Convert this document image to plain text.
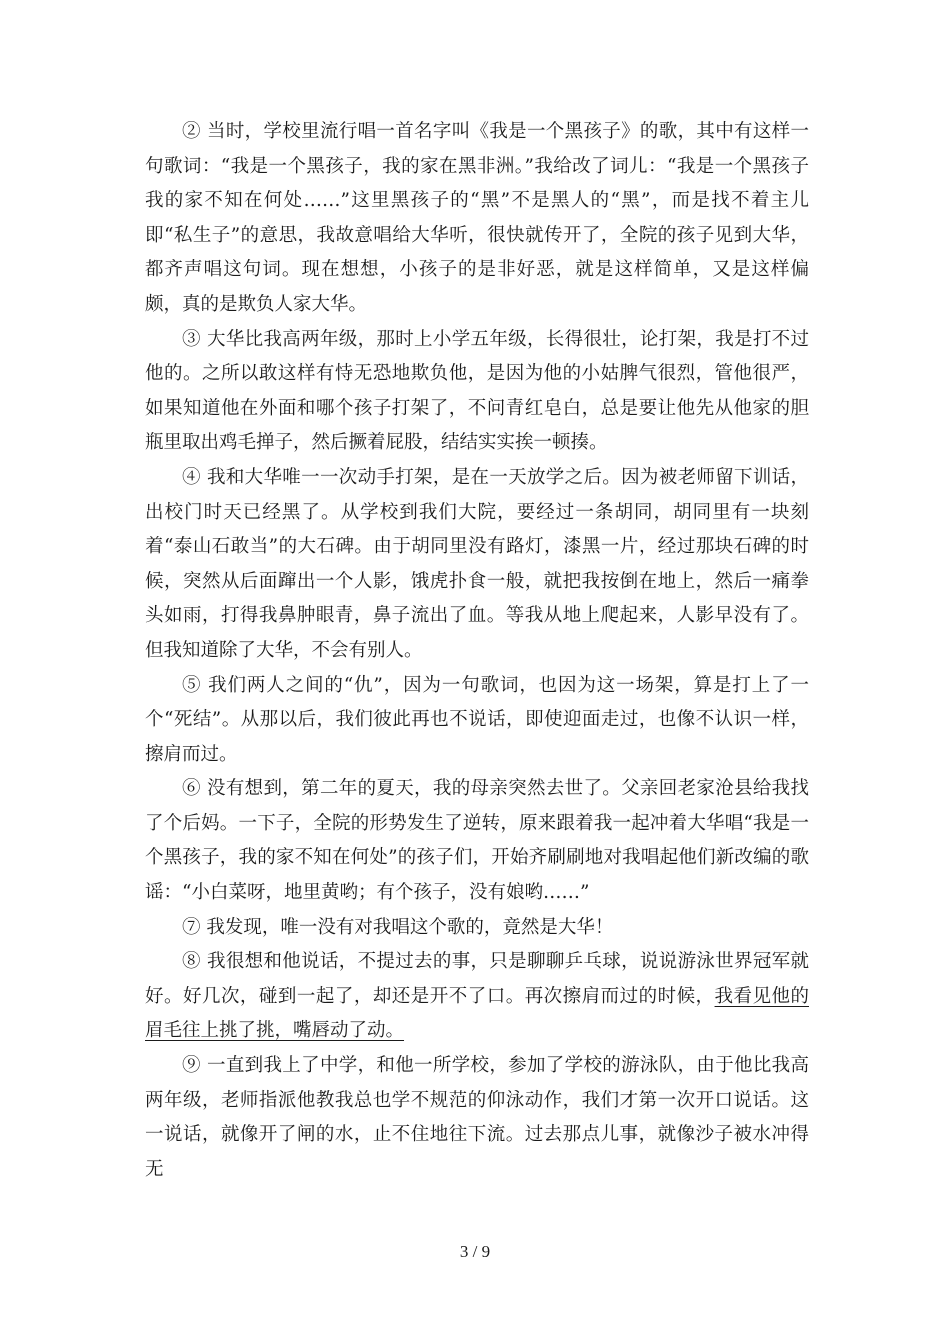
② 当时，学校里流行唱一首名字叫《我是一个黑孩子》的歌，其中有这样一句歌词：“我是一个黑孩子，我的家在黑非洲。”我给改了词儿：“我是一个黑孩子我的家不知在何处……”这里黑孩子的“黑”不是黑人的“黑”，而是找不着主儿即“私生子”的意思，我故意唱给大华听，很快就传开了，全院的孩子见到大华，都齐声唱这句词。现在想想，小孩子的是非好恶，就是这样简单，又是这样偏颇，真的是欺负人家大华。

③ 大华比我高两年级，那时上小学五年级，长得很壮，论打架，我是打不过他的。之所以敢这样有恃无恐地欺负他，是因为他的小姑脾气很烈，管他很严，如果知道他在外面和哪个孩子打架了，不问青红皂白，总是要让他先从他家的胆瓶里取出鸡毛掸子，然后撅着屁股，结结实实挨一顿揍。

④ 我和大华唯一一次动手打架，是在一天放学之后。因为被老师留下训话，出校门时天已经黑了。从学校到我们大院，要经过一条胡同，胡同里有一块刻着“泰山石敢当”的大石碑。由于胡同里没有路灯，漆黑一片，经过那块石碑的时候，突然从后面蹿出一个人影，饿虎扑食一般，就把我按倒在地上，然后一痛拳头如雨，打得我鼻肿眼青，鼻子流出了血。等我从地上爬起来，人影早没有了。但我知道除了大华，不会有别人。

⑤ 我们两人之间的“仇”，因为一句歌词，也因为这一场架，算是打上了一个“死结”。从那以后，我们彼此再也不说话，即使迎面走过，也像不认识一样，擦肩而过。

⑥ 没有想到，第二年的夏天，我的母亲突然去世了。父亲回老家沧县给我找了个后妈。一下子，全院的形势发生了逆转，原来跟着我一起冲着大华唱“我是一个黑孩子，我的家不知在何处”的孩子们，开始齐刷刷地对我唱起他们新改编的歌谣：“小白菜呀，地里黄哟；有个孩子，没有娘哟……”

⑦ 我发现，唯一没有对我唱这个歌的，竟然是大华！

⑧ 我很想和他说话，不提过去的事，只是聊聊乒乓球，说说游泳世界冠军就好。好几次，碰到一起了，却还是开不了口。再次擦肩而过的时候，我看见他的眉毛往上挑了挑，嘴唇动了动。

⑨ 一直到我上了中学，和他一所学校，参加了学校的游泳队，由于他比我高两年级，老师指派他教我总也学不规范的仰泳动作，我们才第一次开口说话。这一说话，就像开了闸的水，止不住地往下流。过去那点儿事，就像沙子被水冲得无

3 / 9
